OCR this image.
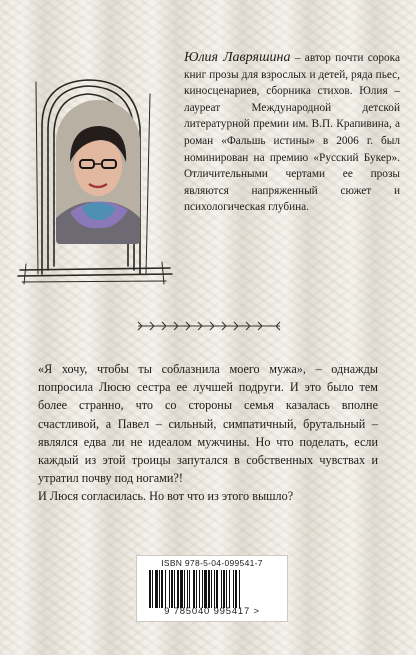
Юлия Лавряшина – автор почти сорока книг прозы для взрослых и детей, ряда пьес, киносценариев, сборника стихов. Юлия – лауреат Международной детской литературной премии им. В.П. Крапивина, а роман «Фальшь истины» в 2006 г. был номинирован на премию «Русский Букер». Отличительными чертами ее прозы являются напряженный сюжет и психологическая глубина.

«Я хочу, чтобы ты соблазнила моего мужа», – однажды попросила Люсю сестра ее лучшей подруги. И это было тем более странно, что со стороны семья казалась вполне счастливой, а Павел – сильный, симпатичный, брутальный – являлся едва ли не идеалом мужчины. Но что поделать, если каждый из этой троицы запутался в собственных чувствах и утратил почву под ногами?!

И Люся согласилась. Но вот что из этого вышло?

ISBN 978-5-04-099541-7
9 785040 995417 >
